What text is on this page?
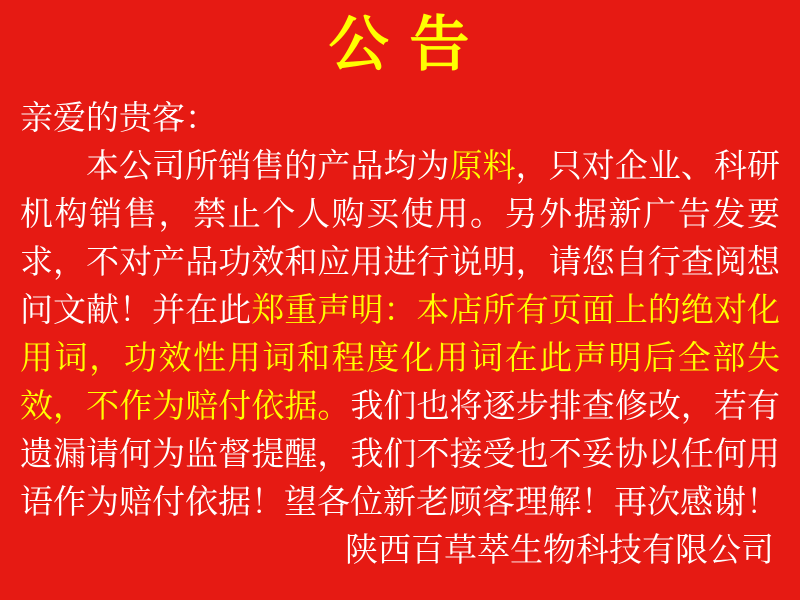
公 告

亲爱的贵客：

本公司所销售的产品均为原料，只对企业、科研机构销售，禁止个人购买使用。另外据新广告发要求，不对产品功效和应用进行说明，请您自行查阅想问文献！并在此郑重声明：本店所有页面上的绝对化用词，功效性用词和程度化用词在此声明后全部失效，不作为赔付依据。我们也将逐步排查修改，若有遗漏请何为监督提醒，我们不接受也不妥协以任何用语作为赔付依据！望各位新老顾客理解！再次感谢！

陕西百草萃生物科技有限公司
